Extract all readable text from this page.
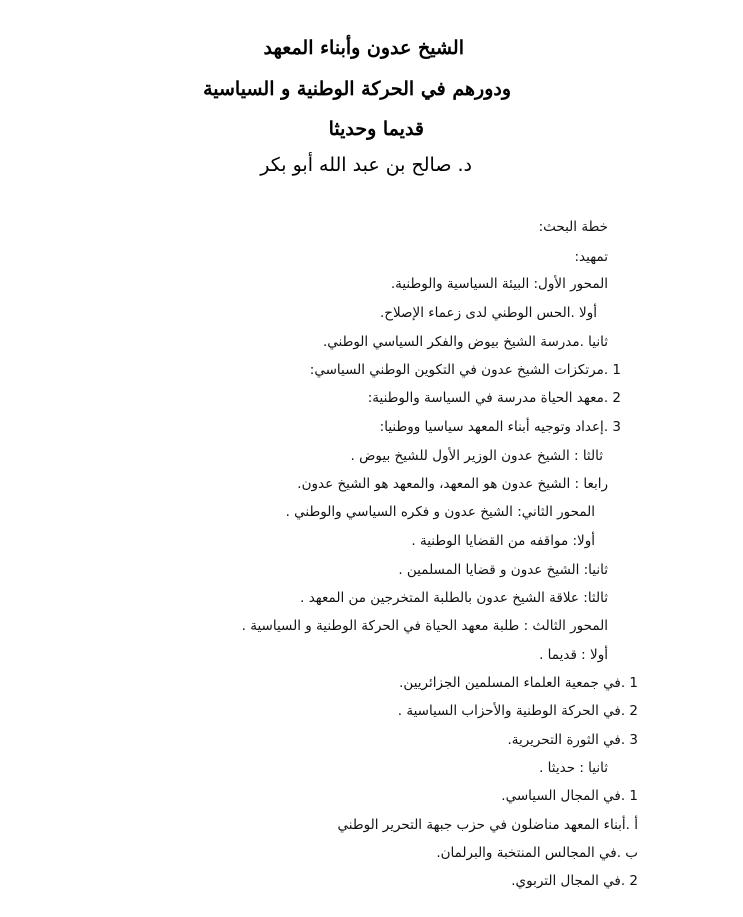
الشيخ عدون وأبناء المعهد
ودورهم في الحركة الوطنية و السياسية
قديما وحديثا
د. صالح بن عبد الله أبو بكر
خطة البحث:
تمهيد:
المحور الأول: البيئة السياسية والوطنية.
أولا .الحس الوطني لدى زعماء الإصلاح.
ثانيا .مدرسة الشيخ بيوض والفكر السياسي الوطني.
1 .مرتكزات الشيخ عدون في التكوين الوطني السياسي:
2 .معهد الحياة مدرسة في السياسة والوطنية:
3 .إعداد وتوجيه أبناء المعهد سياسيا ووطنيا:
ثالثا : الشيخ عدون الوزير الأول للشيخ بيوض .
رابعا : الشيخ عدون هو المعهد، والمعهد هو الشيخ عدون.
المحور الثاني: الشيخ عدون و فكره السياسي والوطني .
أولا: مواقفه من القضايا الوطنية .
ثانيا: الشيخ عدون و قضايا المسلمين .
ثالثا: علاقة الشيخ عدون بالطلبة المتخرجين من المعهد .
المحور الثالث : طلبة معهد الحياة في الحركة الوطنية و السياسية .
أولا : قديما .
1 .في جمعية العلماء المسلمين الجزائريين.
2 .في الحركة الوطنية والأحزاب السياسية .
3 .في الثورة التحريرية.
ثانيا : حديثا .
1 .في المجال السياسي.
أ .أبناء المعهد مناضلون في حزب جبهة التحرير الوطني
ب .في المجالس المنتخبة والبرلمان.
2 .في المجال التربوي.
